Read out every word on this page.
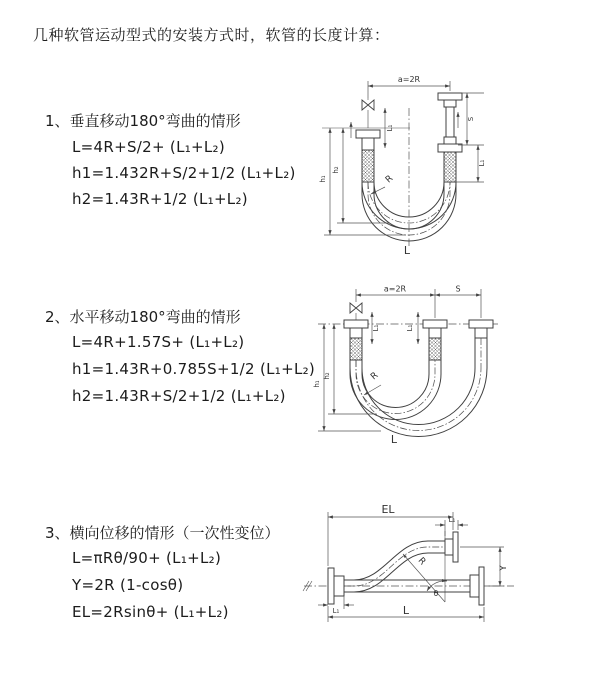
几种软管运动型式的安装方式时，软管的长度计算：
1、垂直移动180°弯曲的情形
L=4R+S/2+ (L₁+L₂)
h1=1.432R+S/2+1/2 (L₁+L₂)
h2=1.43R+1/2 (L₁+L₂)
2、水平移动180°弯曲的情形
L=4R+1.57S+ (L₁+L₂)
h1=1.43R+0.785S+1/2 (L₁+L₂)
h2=1.43R+S/2+1/2 (L₁+L₂)
3、横向位移的情形（一次性变位）
L=πRθ/90+ (L₁+L₂)
Y=2R (1-cosθ)
EL=2Rsinθ+ (L₁+L₂)
a=2R
L₁
S
L₁
h₁
h₂
R
L
a=2R	S
L₁	L₁
h₁
h₂	R
L
EL
L₁
Y
θ
R
L₁	L
